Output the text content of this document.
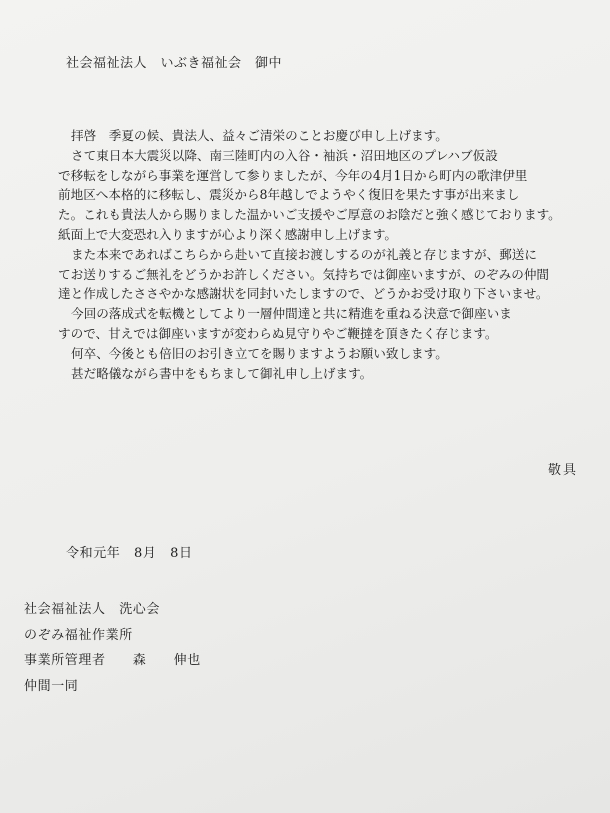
社会福祉法人　いぶき福祉会　御中
拝啓　季夏の候、貴法人、益々ご清栄のことお慶び申し上げます。
さて東日本大震災以降、南三陸町内の入谷・袖浜・沼田地区のプレハブ仮設
で移転をしながら事業を運営して参りましたが、今年の4月1日から町内の歌津伊里
前地区へ本格的に移転し、震災から8年越しでようやく復旧を果たす事が出来まし
た。これも貴法人から賜りました温かいご支援やご厚意のお陰だと強く感じております。
紙面上で大変恐れ入りますが心より深く感謝申し上げます。
また本来であればこちらから赴いて直接お渡しするのが礼義と存じますが、郵送に
てお送りするご無礼をどうかお許しください。気持ちでは御座いますが、のぞみの仲間
達と作成したささやかな感謝状を同封いたしますので、どうかお受け取り下さいませ。
今回の落成式を転機としてより一層仲間達と共に精進を重ねる決意で御座いま
すので、甘えでは御座いますが変わらぬ見守りやご鞭撻を頂きたく存じます。
何卒、今後とも倍旧のお引き立てを賜りますようお願い致します。
甚だ略儀ながら書中をもちまして御礼申し上げます。
敬具
令和元年　8月　8日
社会福祉法人　洗心会
のぞみ福祉作業所
事業所管理者　　森　　伸也
仲間一同
